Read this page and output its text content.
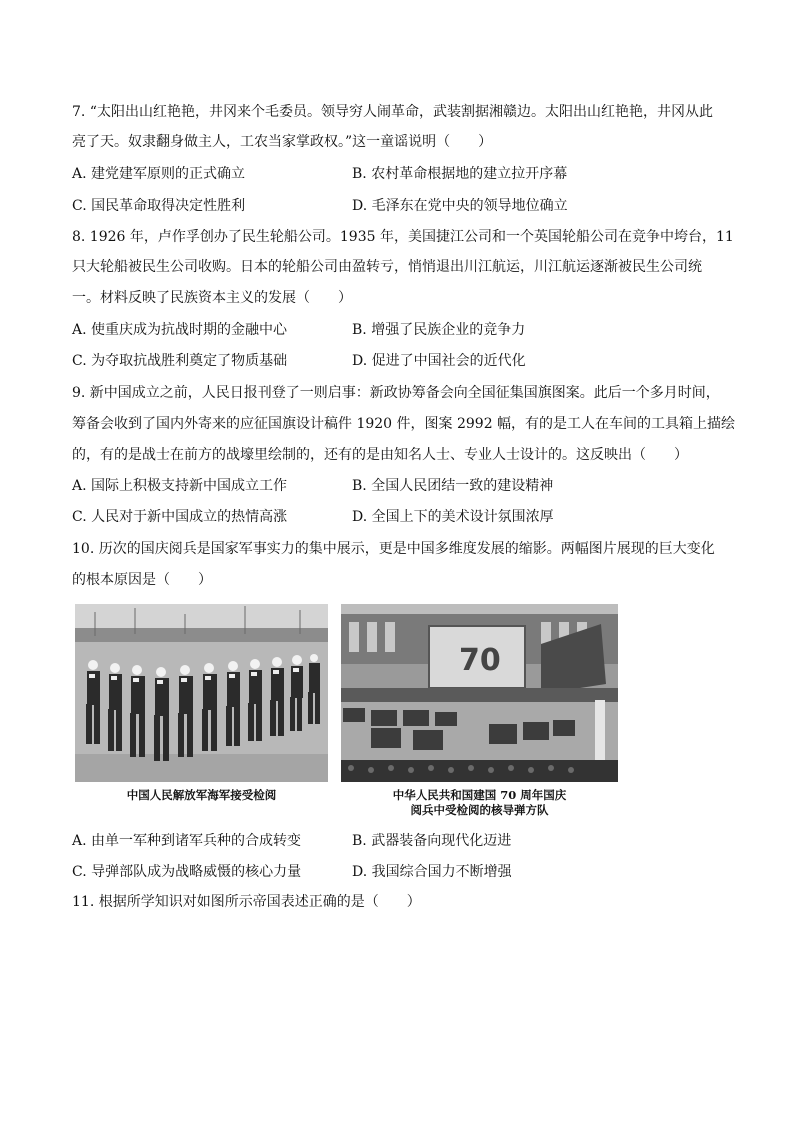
7. “太阳出山红艳艳，井冈来个毛委员。领导穷人闹革命，武装割据湘赣边。太阳出山红艳艳，井冈从此
亮了天。奴隶翻身做主人，工农当家掌政权。”这一童谣说明（　　）
A. 建党建军原则的正式确立	B. 农村革命根据地的建立拉开序幕
C. 国民革命取得决定性胜利	D. 毛泽东在党中央的领导地位确立
8. 1926 年，卢作孚创办了民生轮船公司。1935 年，美国捷江公司和一个英国轮船公司在竞争中垮台，11
只大轮船被民生公司收购。日本的轮船公司由盈转亏，悄悄退出川江航运，川江航运逐渐被民生公司统
一。材料反映了民族资本主义的发展（　　）
A. 使重庆成为抗战时期的金融中心	B. 增强了民族企业的竞争力
C. 为夺取抗战胜利奠定了物质基础	D. 促进了中国社会的近代化
9. 新中国成立之前，人民日报刊登了一则启事：新政协筹备会向全国征集国旗图案。此后一个多月时间，
筹备会收到了国内外寄来的应征国旗设计稿件 1920 件，图案 2992 幅，有的是工人在车间的工具箱上描绘
的，有的是战士在前方的战壕里绘制的，还有的是由知名人士、专业人士设计的。这反映出（　　）
A. 国际上积极支持新中国成立工作	B. 全国人民团结一致的建设精神
C. 人民对于新中国成立的热情高涨	D. 全国上下的美术设计氛围浓厚
10. 历次的国庆阅兵是国家军事实力的集中展示，更是中国多维度发展的缩影。两幅图片展现的巨大变化
的根本原因是（　　）
中国人民解放军海军接受检阅
70
中华人民共和国建国 70 周年国庆
阅兵中受检阅的核导弹方队
A. 由单一军种到诸军兵种的合成转变	B. 武器装备向现代化迈进
C. 导弹部队成为战略威慑的核心力量	D. 我国综合国力不断增强
11. 根据所学知识对如图所示帝国表述正确的是（　　）
